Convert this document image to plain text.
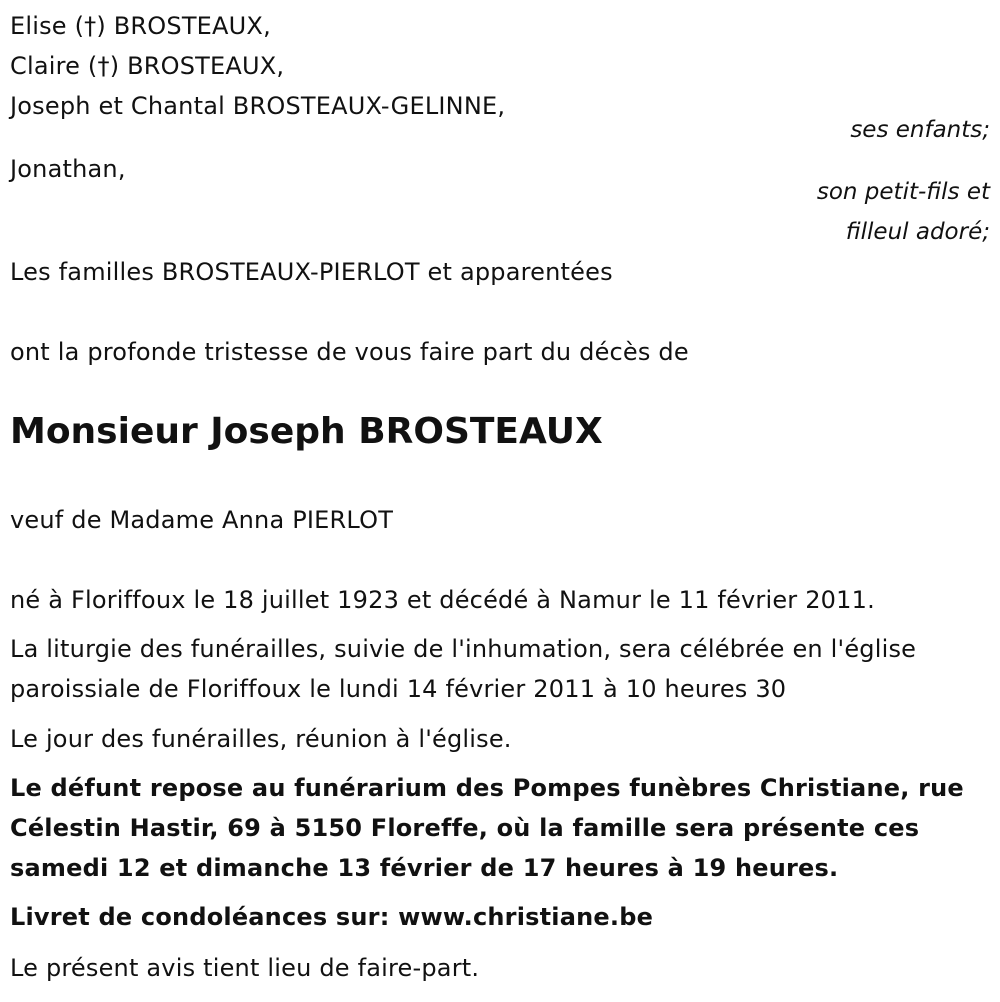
Elise (†) BROSTEAUX,
Claire (†) BROSTEAUX,
Joseph et Chantal BROSTEAUX-GELINNE,
ses enfants;
Jonathan,
son petit-fils et
filleul adoré;
Les familles BROSTEAUX-PIERLOT et apparentées
ont la profonde tristesse de vous faire part du décès de
Monsieur Joseph BROSTEAUX
veuf de Madame Anna PIERLOT
né à Floriffoux le 18 juillet 1923 et décédé à Namur le 11 février 2011.
La liturgie des funérailles, suivie de l'inhumation, sera célébrée en l'église
paroissiale de Floriffoux le lundi 14 février 2011 à 10 heures 30
Le jour des funérailles, réunion à l'église.
Le défunt repose au funérarium des Pompes funèbres Christiane, rue
Célestin Hastir, 69 à 5150 Floreffe, où la famille sera présente ces
samedi 12 et dimanche 13 février de 17 heures à 19 heures.
Livret de condoléances sur: www.christiane.be
Le présent avis tient lieu de faire-part.
